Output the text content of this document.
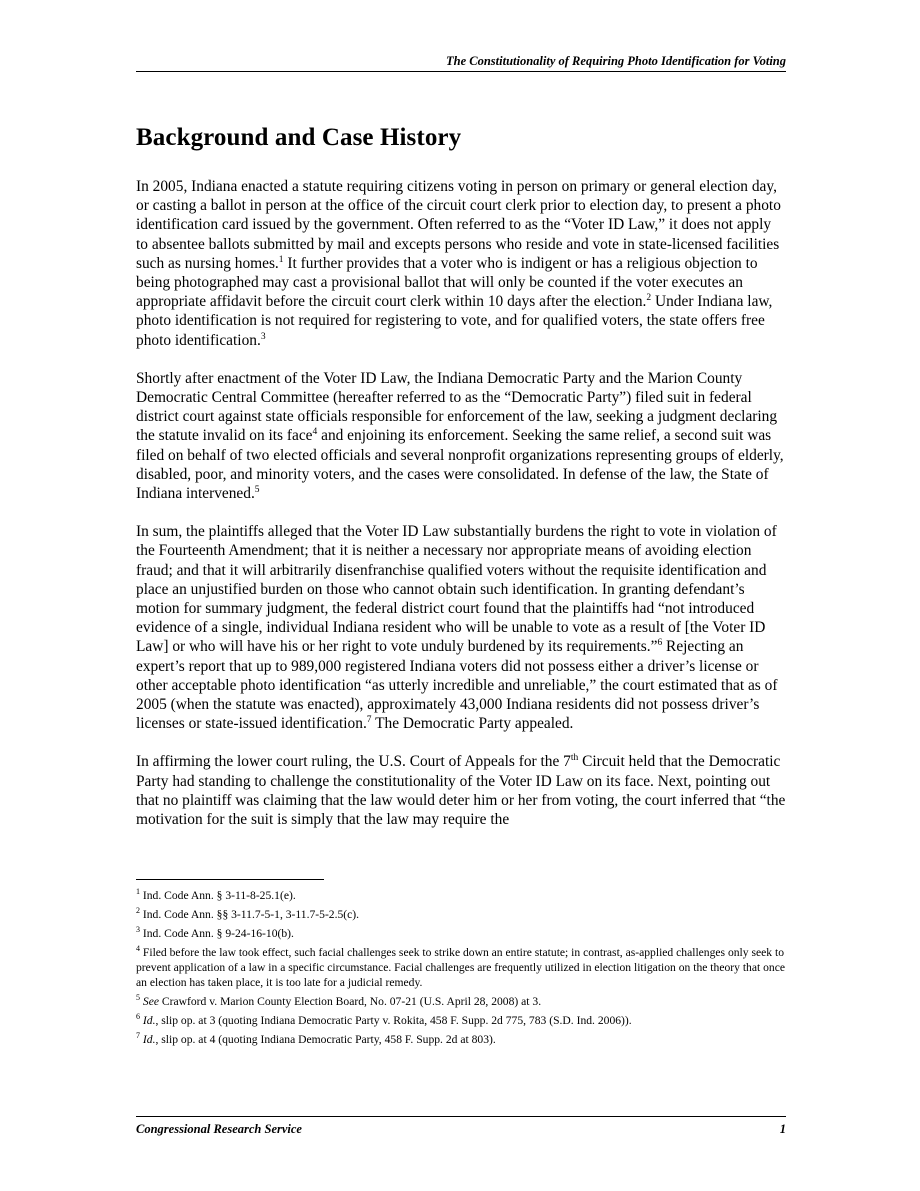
The Constitutionality of Requiring Photo Identification for Voting
Background and Case History

In 2005, Indiana enacted a statute requiring citizens voting in person on primary or general election day, or casting a ballot in person at the office of the circuit court clerk prior to election day, to present a photo identification card issued by the government. Often referred to as the “Voter ID Law,” it does not apply to absentee ballots submitted by mail and excepts persons who reside and vote in state-licensed facilities such as nursing homes.$^1$ It further provides that a voter who is indigent or has a religious objection to being photographed may cast a provisional ballot that will only be counted if the voter executes an appropriate affidavit before the circuit court clerk within 10 days after the election.$^2$ Under Indiana law, photo identification is not required for registering to vote, and for qualified voters, the state offers free photo identification.$^3$

Shortly after enactment of the Voter ID Law, the Indiana Democratic Party and the Marion County Democratic Central Committee (hereafter referred to as the “Democratic Party”) filed suit in federal district court against state officials responsible for enforcement of the law, seeking a judgment declaring the statute invalid on its face$^4$ and enjoining its enforcement. Seeking the same relief, a second suit was filed on behalf of two elected officials and several nonprofit organizations representing groups of elderly, disabled, poor, and minority voters, and the cases were consolidated. In defense of the law, the State of Indiana intervened.$^5$

In sum, the plaintiffs alleged that the Voter ID Law substantially burdens the right to vote in violation of the Fourteenth Amendment; that it is neither a necessary nor appropriate means of avoiding election fraud; and that it will arbitrarily disenfranchise qualified voters without the requisite identification and place an unjustified burden on those who cannot obtain such identification. In granting defendant’s motion for summary judgment, the federal district court found that the plaintiffs had “not introduced evidence of a single, individual Indiana resident who will be unable to vote as a result of [the Voter ID Law] or who will have his or her right to vote unduly burdened by its requirements.”$^6$ Rejecting an expert’s report that up to 989,000 registered Indiana voters did not possess either a driver’s license or other acceptable photo identification “as utterly incredible and unreliable,” the court estimated that as of 2005 (when the statute was enacted), approximately 43,000 Indiana residents did not possess driver’s licenses or state-issued identification.$^7$ The Democratic Party appealed.

In affirming the lower court ruling, the U.S. Court of Appeals for the 7th Circuit held that the Democratic Party had standing to challenge the constitutionality of the Voter ID Law on its face. Next, pointing out that no plaintiff was claiming that the law would deter him or her from voting, the court inferred that “the motivation for the suit is simply that the law may require the

$^1$ Ind. Code Ann. § 3-11-8-25.1(e).
$^2$ Ind. Code Ann. §§ 3-11.7-5-1, 3-11.7-5-2.5(c).
$^3$ Ind. Code Ann. § 9-24-16-10(b).
$^4$ Filed before the law took effect, such facial challenges seek to strike down an entire statute; in contrast, as-applied challenges only seek to prevent application of a law in a specific circumstance. Facial challenges are frequently utilized in election litigation on the theory that once an election has taken place, it is too late for a judicial remedy.
$^5$ See Crawford v. Marion County Election Board, No. 07-21 (U.S. April 28, 2008) at 3.
$^6$ Id., slip op. at 3 (quoting Indiana Democratic Party v. Rokita, 458 F. Supp. 2d 775, 783 (S.D. Ind. 2006)).
$^7$ Id., slip op. at 4 (quoting Indiana Democratic Party, 458 F. Supp. 2d at 803).
Congressional Research Service	1
